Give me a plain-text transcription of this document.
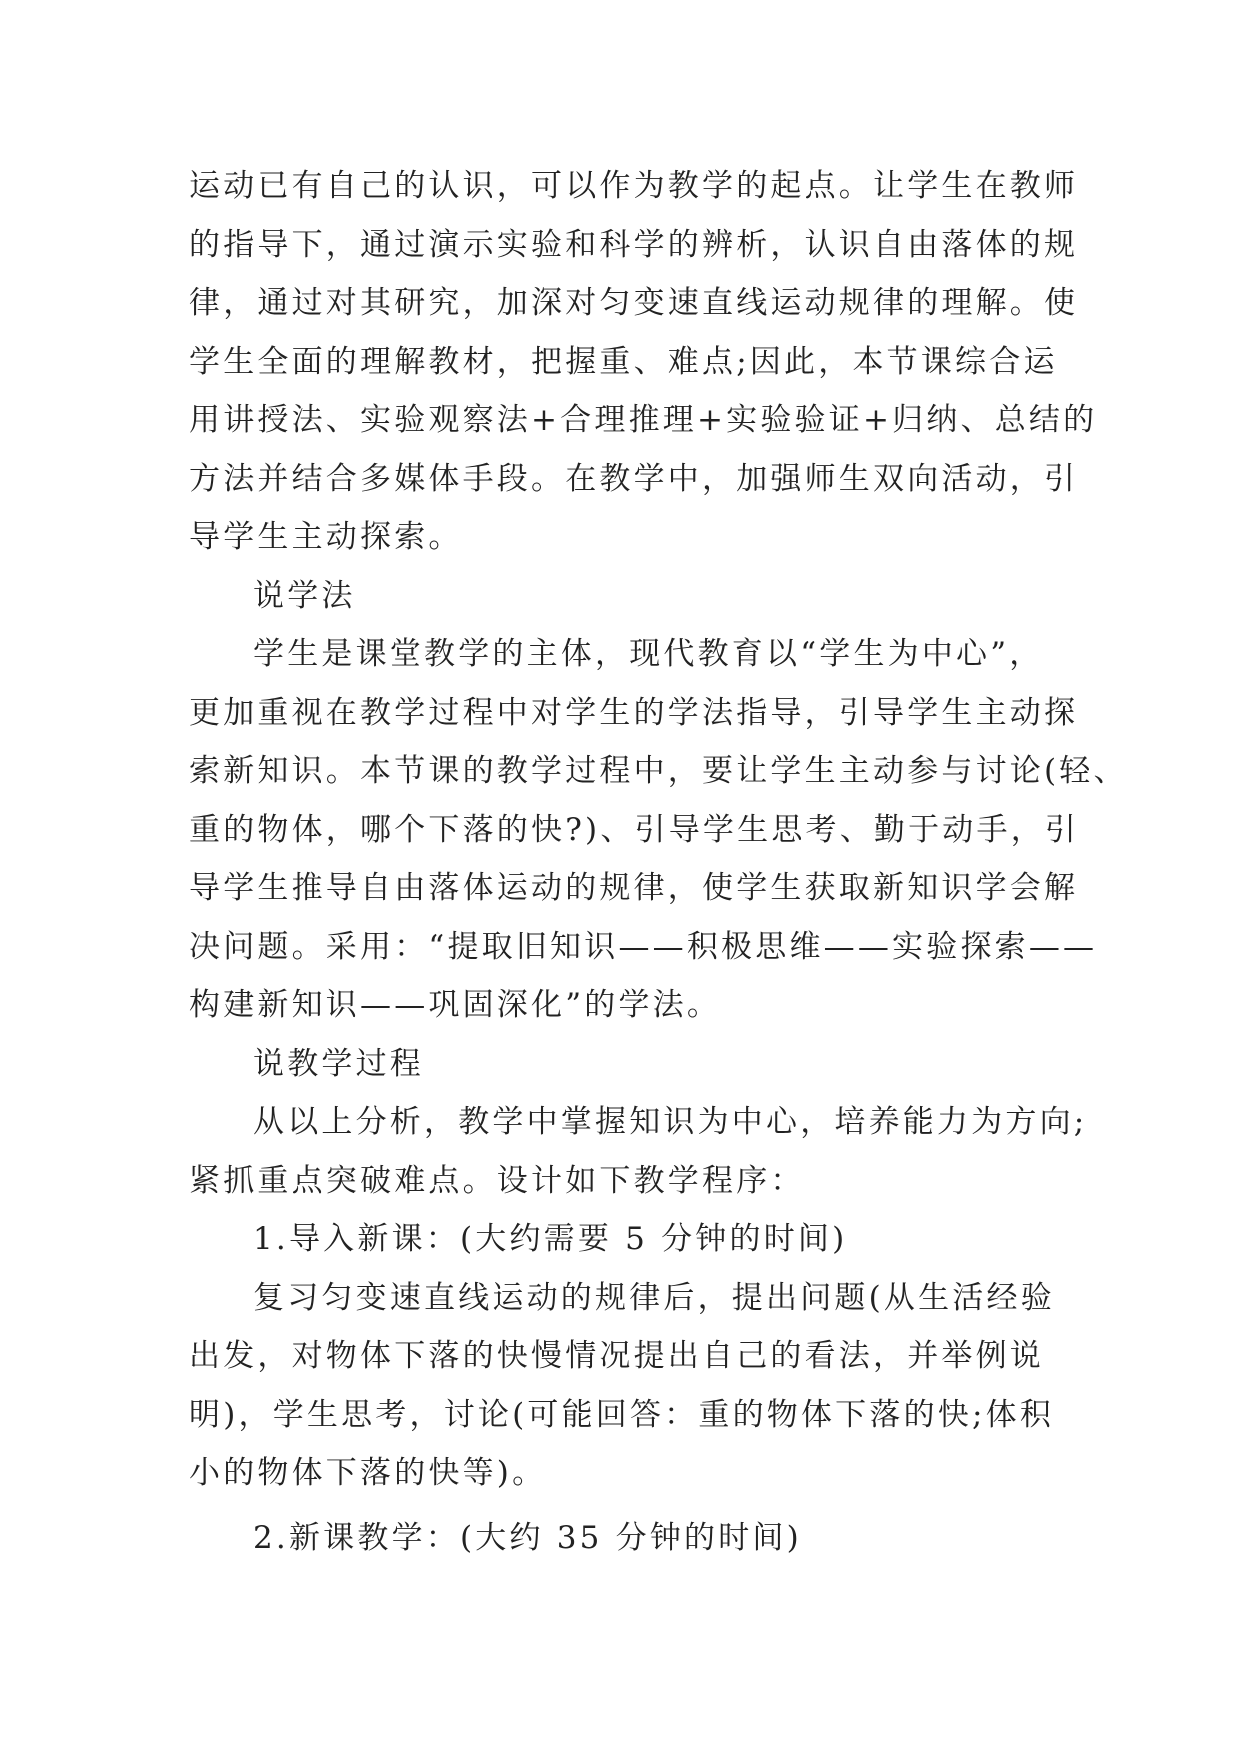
运动已有自己的认识，可以作为教学的起点。让学生在教师
的指导下，通过演示实验和科学的辨析，认识自由落体的规
律，通过对其研究，加深对匀变速直线运动规律的理解。使
学生全面的理解教材，把握重、难点;因此，本节课综合运
用讲授法、实验观察法+合理推理+实验验证+归纳、总结的
方法并结合多媒体手段。在教学中，加强师生双向活动，引
导学生主动探索。
说学法
学生是课堂教学的主体，现代教育以“学生为中心”，
更加重视在教学过程中对学生的学法指导，引导学生主动探
索新知识。本节课的教学过程中，要让学生主动参与讨论(轻、
重的物体，哪个下落的快?)、引导学生思考、勤于动手，引
导学生推导自由落体运动的规律，使学生获取新知识学会解
决问题。采用：“提取旧知识——积极思维——实验探索——
构建新知识——巩固深化”的学法。
说教学过程
从以上分析，教学中掌握知识为中心，培养能力为方向;
紧抓重点突破难点。设计如下教学程序：
1.导入新课：(大约需要 5 分钟的时间)
复习匀变速直线运动的规律后，提出问题(从生活经验
出发，对物体下落的快慢情况提出自己的看法，并举例说
明)，学生思考，讨论(可能回答：重的物体下落的快;体积
小的物体下落的快等)。
2.新课教学：(大约 35 分钟的时间)
